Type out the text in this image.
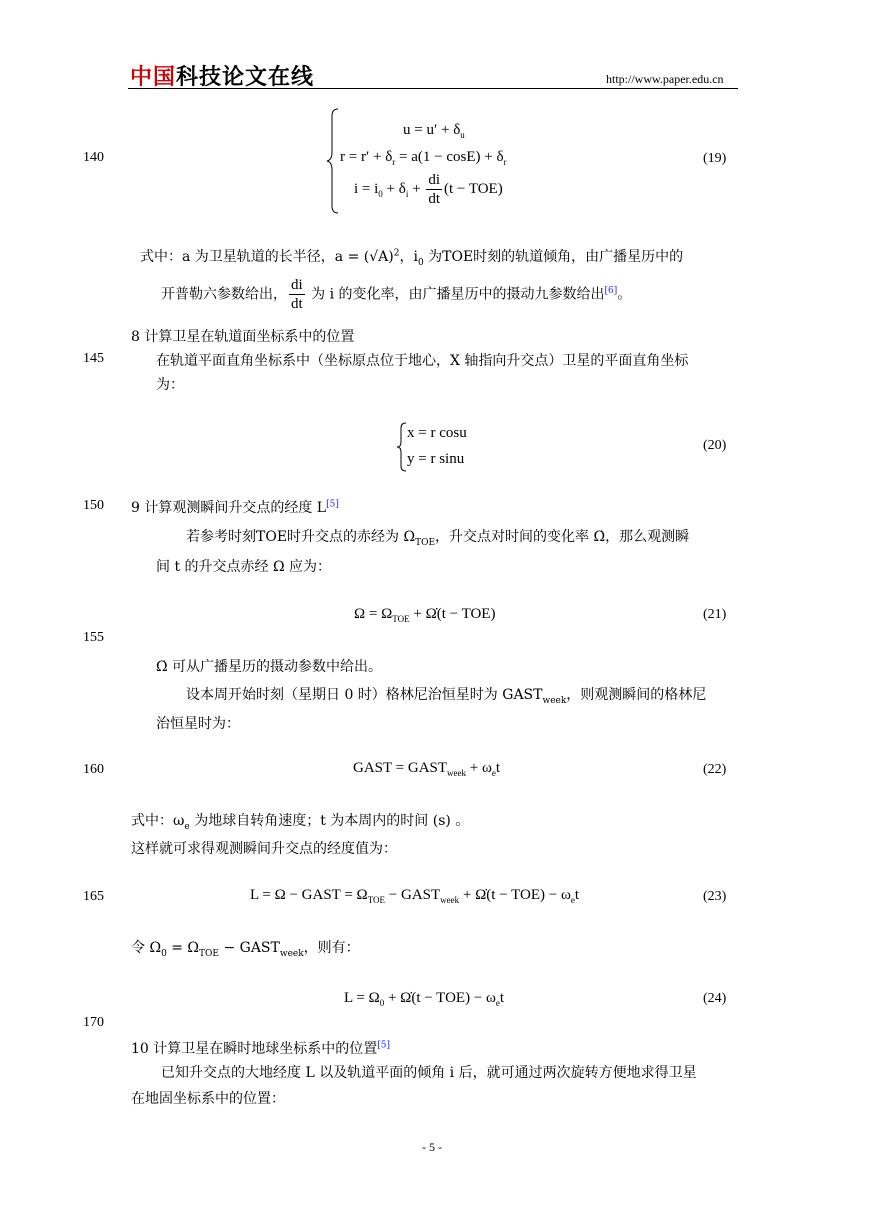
中国科技论文在线	http://www.paper.edu.cn
140
145
150
155
160
165
170
$u = u' + \delta_u$
$r = r' + \delta_r = a(1 - \cos E) + \delta_r$
$i = i_0 + \delta_i + \frac{di}{dt} (t - TOE)$
(19)
式中：a 为卫星轨道的长半径，$a = (√A)^2$，$i_0$ 为TOE时刻的轨道倾角，由广播星历中的
开普勒六参数给出， $\frac{di}{dt}$ 为 i 的变化率，由广播星历中的摄动九参数给出[6]。
8 计算卫星在轨道面坐标系中的位置
在轨道平面直角坐标系中（坐标原点位于地心，X 轴指向升交点）卫星的平面直角坐标
为：
x = r cosu
y = r sinu
(20)
9 计算观测瞬间升交点的经度 L[5]
若参考时刻TOE时升交点的赤经为 $\Omega_{TOE}$，升交点对时间的变化率 Ω̇，那么观测瞬
间 t 的升交点赤经 Ω 应为：
$\Omega = \Omega_{TOE}$ + Ω̇(t − TOE)	(21)
Ω̇ 可从广播星历的摄动参数中给出。
设本周开始时刻（星期日 0 时）格林尼治恒星时为 $GAST_{week}$，则观测瞬间的格林尼
治恒星时为：
GAST = $GAST_{week} + \omega_et$	(22)
式中：$\omega_e$ 为地球自转角速度；t 为本周内的时间 (s) 。
这样就可求得观测瞬间升交点的经度值为：
L = Ω − GAST = $\Omega_{TOE}$ − $GAST_{week}$ + Ω̇(t − $TOE) - \omega_et$	(23)
令 $\Omega_0 = \Omega_{TOE}$ − $GAST_{week}$，则有：
$L = \Omega_0$ + Ω̇(t − $TOE) - \omega_et$	(24)
10 计算卫星在瞬时地球坐标系中的位置[5]
已知升交点的大地经度 L 以及轨道平面的倾角 i 后，就可通过两次旋转方便地求得卫星
在地固坐标系中的位置：
- 5 -
